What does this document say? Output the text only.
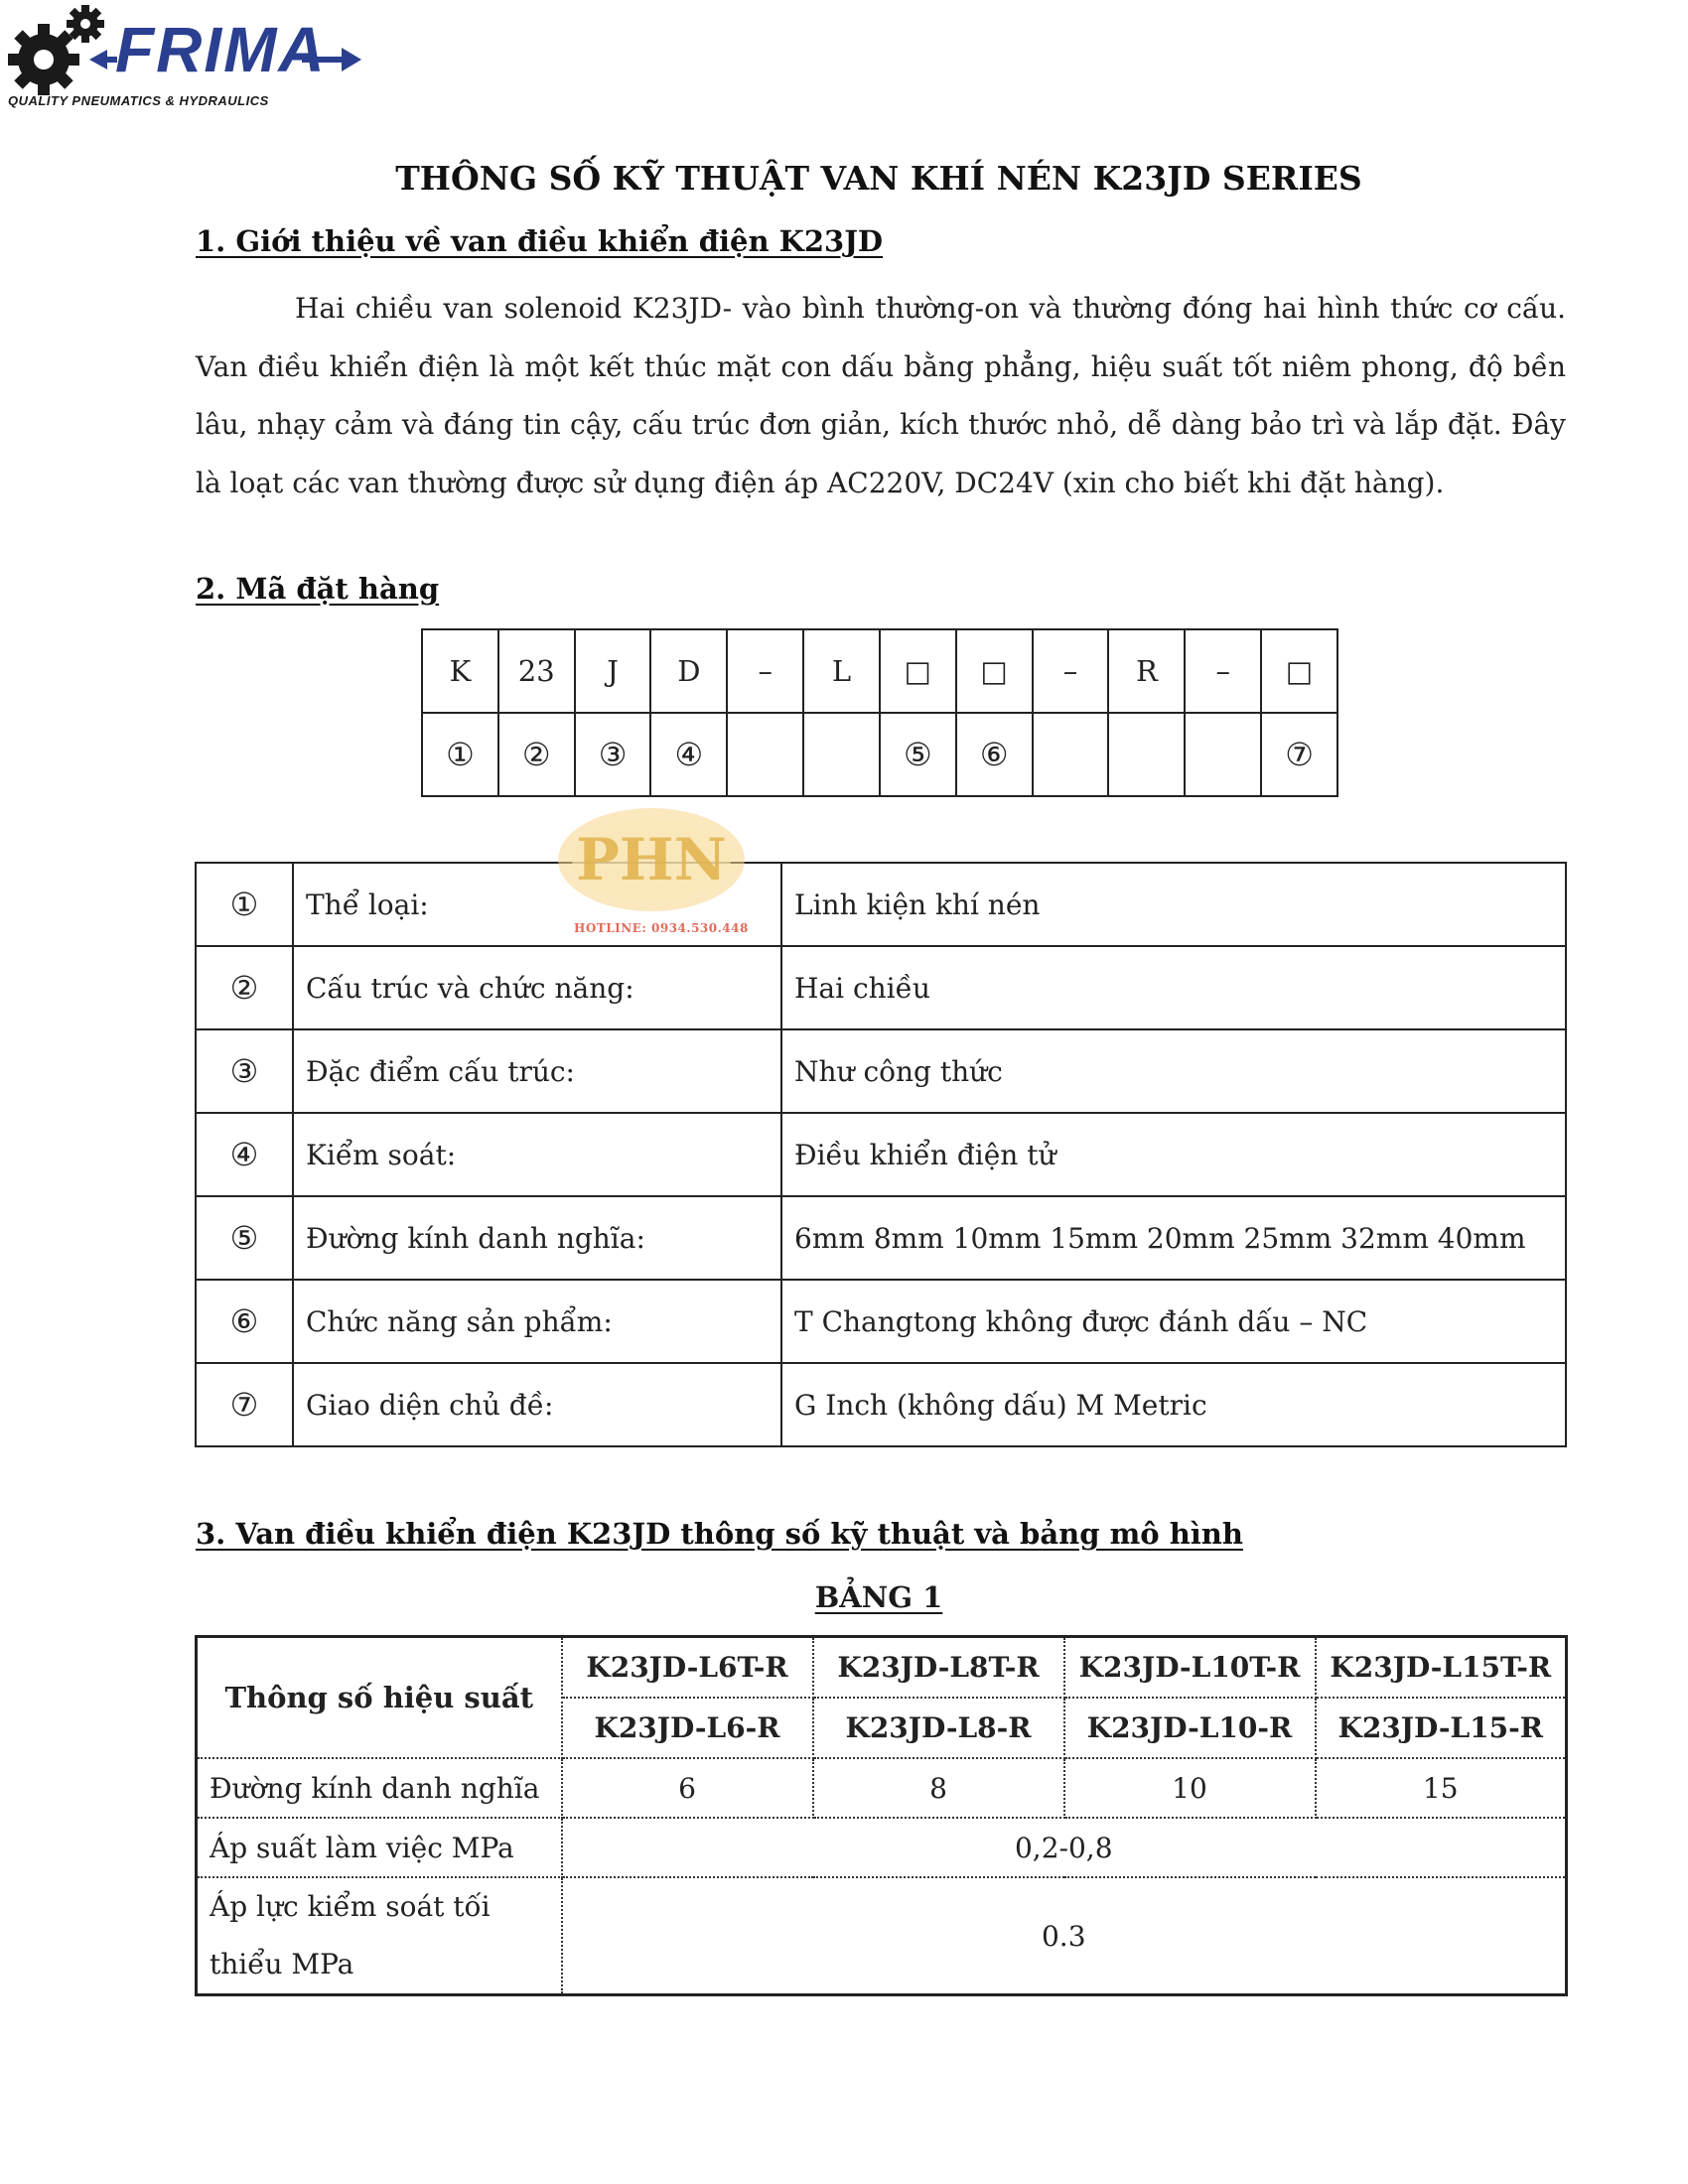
FRIMA
QUALITY PNEUMATICS & HYDRAULICS
THÔNG SỐ KỸ THUẬT VAN KHÍ NÉN K23JD SERIES
1. Giới thiệu về van điều khiển điện K23JD
Hai chiều van solenoid K23JD- vào bình thường-on và thường đóng hai hình thức cơ cấu. Van điều khiển điện là một kết thúc mặt con dấu bằng phẳng, hiệu suất tốt niêm phong, độ bền lâu, nhạy cảm và đáng tin cậy, cấu trúc đơn giản, kích thước nhỏ, dễ dàng bảo trì và lắp đặt. Đây là loạt các van thường được sử dụng điện áp AC220V, DC24V (xin cho biết khi đặt hàng).
2. Mã đặt hàng
K	23	J	D	–	L	□	□	–	R	–	□
①	②	③	④			⑤	⑥				⑦
①	Thể loại:	Linh kiện khí nén
②	Cấu trúc và chức năng:	Hai chiều
③	Đặc điểm cấu trúc:	Như công thức
④	Kiểm soát:	Điều khiển điện tử
⑤	Đường kính danh nghĩa:	6mm 8mm 10mm 15mm 20mm 25mm 32mm 40mm
⑥	Chức năng sản phẩm:	T Changtong không được đánh dấu – NC
⑦	Giao diện chủ đề:	G Inch (không dấu) M Metric
PHN
HOTLINE: 0934.530.448
3. Van điều khiển điện K23JD thông số kỹ thuật và bảng mô hình
BẢNG 1
Thông số hiệu suất	K23JD-L6T-R	K23JD-L8T-R	K23JD-L10T-R	K23JD-L15T-R
	K23JD-L6-R	K23JD-L8-R	K23JD-L10-R	K23JD-L15-R
Đường kính danh nghĩa	6	8	10	15
Áp suất làm việc MPa	0,2-0,8			
Áp lực kiểm soát tối
thiểu MPa	0.3			
